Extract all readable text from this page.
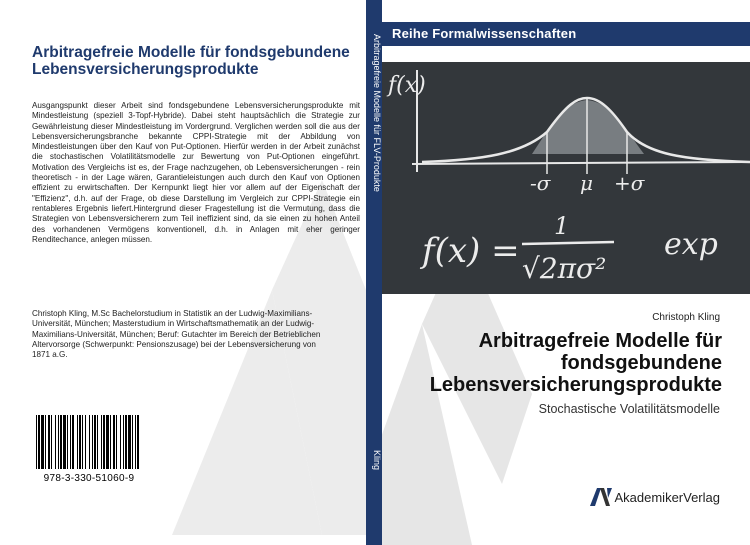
Arbitragefreie Modelle für fondsgebundene Lebensversicherungsprodukte
Ausgangspunkt dieser Arbeit sind fondsgebundene Lebensversicherungsprodukte mit Mindestleistung (speziell 3-Topf-Hybride). Dabei steht hauptsächlich die Strategie zur Gewährleistung dieser Mindestleistung im Vordergrund. Verglichen werden soll die aus der Lebensversicherungsbranche bekannte CPPI-Strategie mit der Abbildung von Mindestleistungen über den Kauf von Put-Optionen. Hierfür werden in der Arbeit zunächst die stochastischen Volatilitätsmodelle zur Bewertung von Put-Optionen eingeführt. Motivation des Vergleichs ist es, der Frage nachzugehen, ob Lebensversicherungen - rein theoretisch - in der Lage wären, Garantieleistungen auch durch den Kauf von Optionen effizient zu erwirtschaften. Der Kernpunkt liegt hier vor allem auf der Eigenschaft der "Effizienz", d.h. auf der Frage, ob diese Darstellung im Vergleich zur CPPI-Strategie ein rentableres Ergebnis liefert.Hintergrund dieser Fragestellung ist die Vermutung, dass die Strategien von Lebensversicherern zum Teil ineffizient sind, da sie einen zu hohen Anteil des vorhandenen Vermögens konventionell, d.h. in Anlagen mit eher geringer Renditechance, anlegen müssen.
Christoph Kling, M.Sc Bachelorstudium in Statistik an der Ludwig-Maximilians-Universität, München; Masterstudium in Wirtschaftsmathematik an der Ludwig-Maximilians-Universität, München; Beruf: Gutachter im Bereich der Betrieblichen Altervorsorge (Schwerpunkt: Pensionszusage) bei der Lebensversicherung von 1871 a.G.
978-3-330-51060-9
Arbitragefreie Modelle für FLV-Produkte
Kling
Reihe Formalwissenschaften
f(x)
-σ μ +σ
f(x) =
1
√2πσ²
exp
Christoph Kling
Arbitragefreie Modelle für
fondsgebundene
Lebensversicherungsprodukte
Stochastische Volatilitätsmodelle
AkademikerVerlag
